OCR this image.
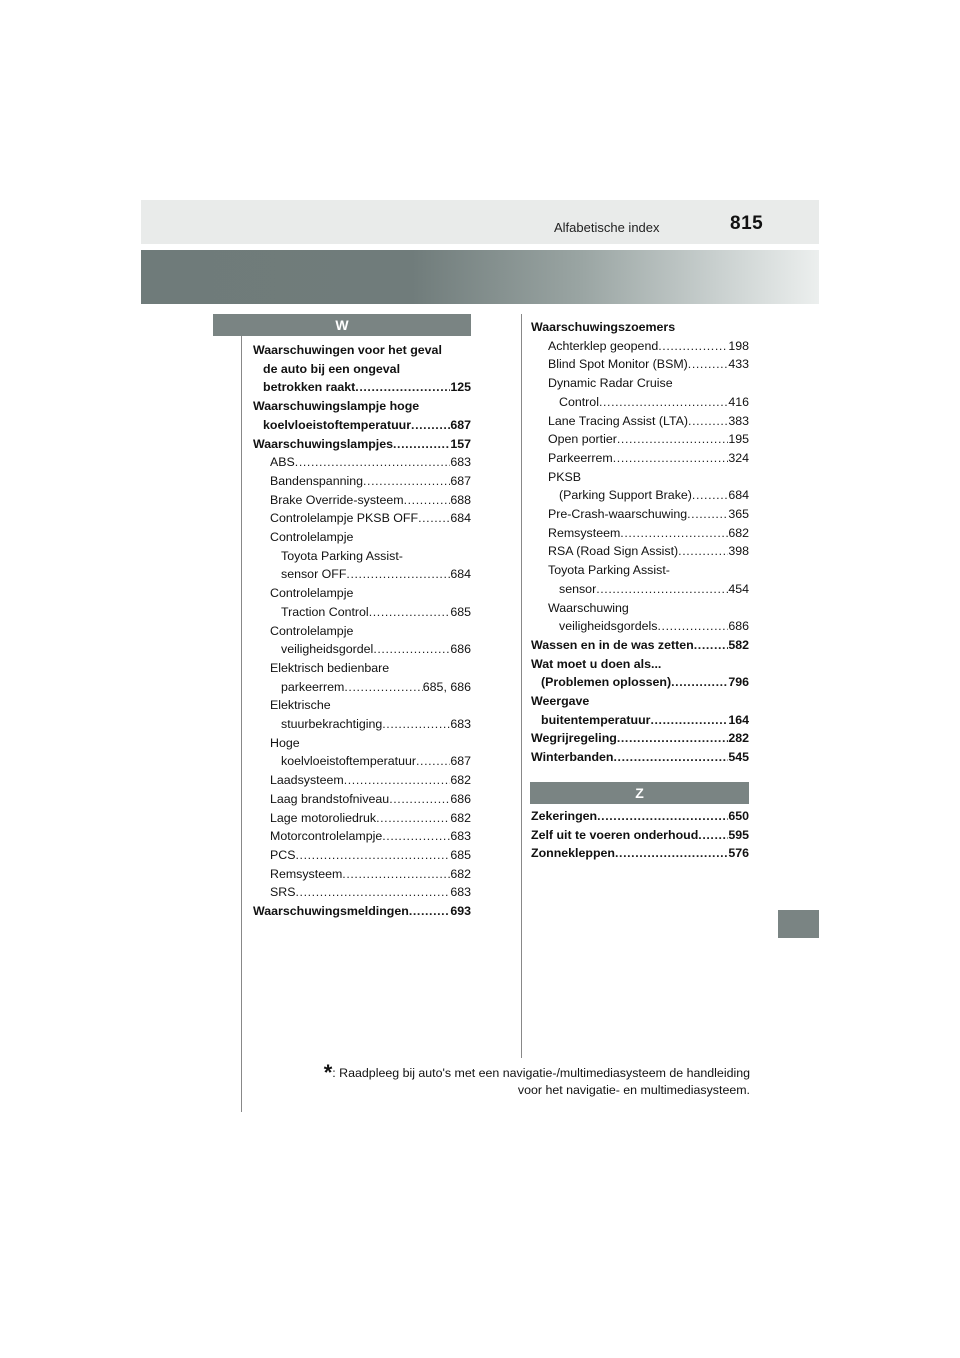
Alfabetische index	815
W
Z
Waarschuwingen voor het geval
de auto bij een ongeval
betrokken raakt .....	125
Waarschuwingslampje hoge
koelvloeistoftemperatuur .....	687
Waarschuwingslampjes .....	157
ABS .....	683
Bandenspanning .....	687
Brake Override-systeem .....	688
Controlelampje PKSB OFF .....	684
Controlelampje
Toyota Parking Assist-
sensor OFF .....	684
Controlelampje
Traction Control .....	685
Controlelampje
veiligheidsgordel .....	686
Elektrisch bedienbare
parkeerrem .....	685, 686
Elektrische
stuurbekrachtiging .....	683
Hoge
koelvloeistoftemperatuur .....	687
Laadsysteem .....	682
Laag brandstofniveau .....	686
Lage motoroliedruk .....	682
Motorcontrolelampje .....	683
PCS .....	685
Remsysteem .....	682
SRS .....	683
Waarschuwingsmeldingen .....	693
Waarschuwingszoemers
Achterklep geopend .....	198
Blind Spot Monitor (BSM) .....	433
Dynamic Radar Cruise
Control .....	416
Lane Tracing Assist (LTA) .....	383
Open portier .....	195
Parkeerrem .....	324
PKSB
(Parking Support Brake) .....	684
Pre-Crash-waarschuwing .....	365
Remsysteem .....	682
RSA (Road Sign Assist) .....	398
Toyota Parking Assist-
sensor .....	454
Waarschuwing
veiligheidsgordels .....	686
Wassen en in de was zetten .....	582
Wat moet u doen als...
(Problemen oplossen) .....	796
Weergave
buitentemperatuur .....	164
Wegrijregeling .....	282
Winterbanden .....	545
Zekeringen .....	650
Zelf uit te voeren onderhoud ..... 595
Zonnekleppen .....	576
*: Raadpleeg bij auto's met een navigatie-/multimediasysteem de handleiding
voor het navigatie- en multimediasysteem.
